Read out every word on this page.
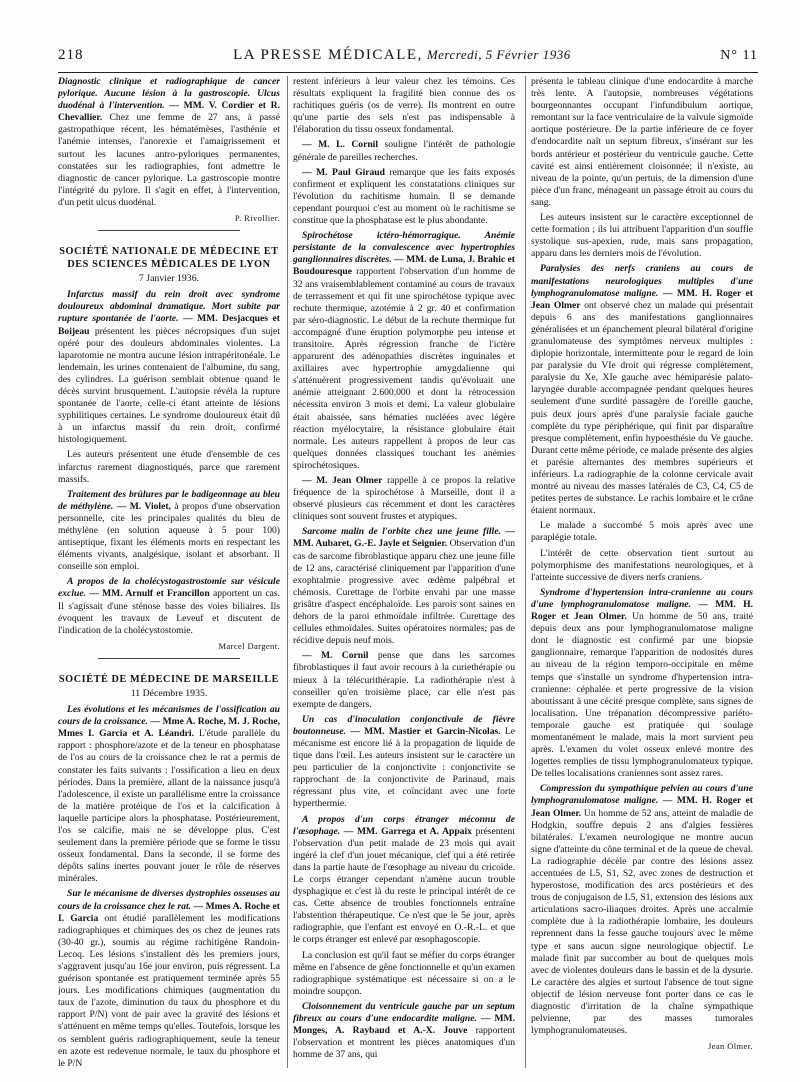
218	LA PRESSE MÉDICALE, Mercredi, 5 Février 1936	N° 11

Diagnostic clinique et radiographique de cancer pylorique. Aucune lésion à la gastroscopie. Ulcus duodénal à l'intervention. — MM. V. Cordier et R. Chevallier. Chez une femme de 27 ans, à passé gastropathique récent, les hématémèses, l'asthénie et l'anémie intenses, l'anorexie et l'amaigrissement et surtout les lacunes antro-pyloriques permanentes, constatées sur les radiographies, font admettre le diagnostic de cancer pylorique. La gastroscopie montre l'intégrité du pylore. Il s'agit en effet, à l'intervention, d'un petit ulcus duodénal.

P. Rivollier.
SOCIÉTÉ NATIONALE DE MÉDECINE ET DES SCIENCES MÉDICALES DE LYON
7 Janvier 1936.

Infarctus massif du rein droit avec syndrome douloureux abdominal dramatique. Mort subite par rupture spontanée de l'aorte. — MM. Desjacques et Boijeau présentent les pièces nécropsiques d'un sujet opéré pour des douleurs abdominales violentes. La laparotomie ne montra aucune lésion intrapéritonéale. Le lendemain, les urines contenaient de l'albumine, du sang, des cylindres. La guérison semblait obtenue quand le décès survint brusquement. L'autopsie révéla la rupture spontanée de l'aorte, celle-ci étant atteinte de lésions syphilitiques certaines. Le syndrome douloureux était dû à un infarctus massif du rein droit, confirmé histologiquement.

Les auteurs présentent une étude d'ensemble de ces infarctus rarement diagnostiqués, parce que rarement massifs.

Traitement des brûlures par le badigeonnage au bleu de méthylène. — M. Violet, à propos d'une observation personnelle, cite les principales qualités du bleu de méthylène (en solution aqueuse à 5 pour 100) antiseptique, fixant les éléments morts en respectant les éléments vivants, analgésique, isolant et absorbant. Il conseille son emploi.

A propos de la cholécystogastrostomie sur vésicule exclue. — MM. Arnulf et Francillon apportent un cas. Il s'agissait d'une sténose basse des voies biliaires. Ils évoquent les travaux de Leveuf et discutent de l'indication de la cholécystostomie.

Marcel Dargent.
SOCIÉTÉ DE MÉDECINE DE MARSEILLE
11 Décembre 1935.

Les évolutions et les mécanismes de l'ossification au cours de la croissance. — Mme A. Roche, M. J. Roche, Mmes I. Garcia et A. Léandri. L'étude parallèle du rapport : phosphore/azote et de la teneur en phosphatase de l'os au cours de la croissance chez le rat a permis de constater les faits suivants : l'ossification a lieu en deux périodes. Dans la première, allant de la naissance jusqu'à l'adolescence, il existe un parallélisme entre la croissance de la matière protéique de l'os et la calcification à laquelle participe alors la phosphatase. Postérieurement, l'os se calcifie, mais ne se développe plus. C'est seulement dans la première période que se forme le tissu osseux fondamental. Dans la seconde, il se forme des dépôts salins inertes pouvant jouer le rôle de réserves minérales.

Sur le mécanisme de diverses dystrophies osseuses au cours de la croissance chez le rat. — Mmes A. Roche et I. Garcia ont étudié parallèlement les modifications radiographiques et chimiques des os chez de jeunes rats (30-40 gr.), soumis au régime rachitigène Randoin-Lecoq. Les lésions s'installent dès les premiers jours, s'aggravent jusqu'au 16e jour environ, puis régressent. La guérison spontanée est pratiquement terminée après 55 jours. Les modifications chimiques (augmentation du taux de l'azote, diminution du taux du phosphore et du rapport P/N) vont de pair avec la gravité des lésions et s'atténuent en même temps qu'elles. Toutefois, lorsque les os semblent guéris radiographiquement, seule la teneur en azote est redevenue normale, le taux du phosphore et le P/N

restent inférieurs à leur valeur chez les témoins. Ces résultats expliquent la fragilité bien connue des os rachitiques guéris (os de verre). Ils montrent en outre qu'une partie des sels n'est pas indispensable à l'élaboration du tissu osseux fondamental.

— M. L. Cornil souligne l'intérêt de pathologie générale de pareilles recherches.

— M. Paul Giraud remarque que les faits exposés confirment et expliquent les constatations cliniques sur l'évolution du rachitisme humain. Il se demande cependant pourquoi c'est au moment où le rachitisme se constitue que la phosphatase est le plus abondante.

Spirochétose ictéro-hémorragique. Anémie persistante de la convalescence avec hypertrophies ganglionnaires discrètes. — MM. de Luna, J. Brahic et Boudouresque rapportent l'observation d'un homme de 32 ans vraisemblablement contaminé au cours de travaux de terrassement et qui fit une spirochétose typique avec rechute thermique, azotémie à 2 gr. 40 et confirmation par séro-diagnostic. Le début de la rechute thermique fut accompagné d'une éruption polymorphe peu intense et transitoire. Après régression franche de l'ictère apparurent des adénopathies discrètes inguinales et axillaires avec hypertrophie amygdalienne qui s'atténuèrent progressivement tandis qu'évoluait une anémie atteignant 2.600.000 et dont la rétrocession nécessita environ 3 mois et demi. La valeur globulaire était abaissée, sans hématies nucléées avec légère réaction myélocytaire, la résistance globulaire était normale. Les auteurs rappellent à propos de leur cas quelques données classiques touchant les anémies spirochétosiques.

— M. Jean Olmer rappelle à ce propos la relative fréquence de la spirochétose à Marseille, dont il a observé plusieurs cas récemment et dont les caractères cliniques sont souvent frustes et atypiques.

Sarcome malin de l'orbite chez une jeune fille. — MM. Aubaret, G.-E. Jayle et Seignier. Observation d'un cas de sarcome fibroblastique apparu chez une jeune fille de 12 ans, caractérisé cliniquement par l'apparition d'une exophtalmie progressive avec œdème palpébral et chémosis. Curettage de l'orbite envahi par une masse grisâtre d'aspect encéphaloïde. Les parois sont saines en dehors de la paroi ethmoïdale infiltrée. Curettage des cellules ethmoïdales. Suites opératoires normales; pas de récidive depuis neuf mois.

— M. Cornil pense que dans les sarcomes fibroblastiques il faut avoir recours à la curiethérapie ou mieux à la télécurithérapie. La radiothérapie n'est à conseiller qu'en troisième place, car elle n'est pas exempte de dangers.

Un cas d'inoculation conjonctivale de fièvre boutonneuse. — MM. Mastier et Garcin-Nicolas. Le mécanisme est encore lié à la propagation de liquide de tique dans l'œil. Les auteurs insistent sur le caractère un peu particulier de la conjonctivite : conjonctivite se rapprochant de la conjonctivite de Parinaud, mais régressant plus vite, et coïncidant avec une forte hyperthermie.

A propos d'un corps étranger méconnu de l'œsophage. — MM. Garrega et A. Appaix présentent l'observation d'un petit malade de 23 mois qui avait ingéré la clef d'un jouet mécanique, clef qui a été retirée dans la partie haute de l'œsophage au niveau du cricoïde. Le corps étranger cependant n'amène aucun trouble dysphagique et c'est là du reste le principal intérêt de ce cas. Cette absence de troubles fonctionnels entraîne l'abstention thérapeutique. Ce n'est que le 5e jour, après radiographie, que l'enfant est envoyé en O.-R.-L. et que le corps étranger est enlevé par œsophagoscopie.

La conclusion est qu'il faut se méfier du corps étranger même en l'absence de gêne fonctionnelle et qu'un examen radiographique systématique est nécessaire si on a le moindre soupçon.

Cloisonnement du ventricule gauche par un septum fibreux au cours d'une endocardite maligne. — MM. Monges, A. Raybaud et A.-X. Jouve rapportent l'observation et montrent les pièces anatomiques d'un homme de 37 ans, qui

présenta le tableau clinique d'une endocardite à marche très lente. A l'autopsie, nombreuses végétations bourgeonnantes occupant l'infundibulum aortique, remontant sur la face ventriculaire de la valvule sigmoïde aortique postérieure. De la partie inférieure de ce foyer d'endocardite naît un septum fibreux, s'insérant sur les bords antérieur et postérieur du ventricule gauche. Cette cavité est ainsi entièrement cloisonnée; il n'existe, au niveau de la pointe, qu'un pertuis, de la dimension d'une pièce d'un franc, ménageant un passage étroit au cours du sang.

Les auteurs insistent sur le caractère exceptionnel de cette formation ; ils lui attribuent l'apparition d'un souffle systolique sus-apexien, rude, mais sans propagation, apparu dans les derniers mois de l'évolution.

Paralysies des nerfs craniens au cours de manifestations neurologiques multiples d'une lymphogranulomatose maligne. — MM. H. Roger et Jean Olmer ont observé chez un malade qui présentait depuis 6 ans des manifestations ganglionnaires généralisées et un épanchement pleural bilatéral d'origine granulomateuse des symptômes nerveux multiples : diplopie horizontale, intermittente pour le regard de loin par paralysie du VIe droit qui régresse complètement, paralysie du Xe, XIe gauche avec hémiparésie palato-laryngée durable accompagnée pendant quelques heures seulement d'une surdité passagère de l'oreille gauche, puis deux jours après d'une paralysie faciale gauche complète du type périphérique, qui finit par disparaître presque complètement, enfin hypoesthésie du Ve gauche. Durant cette même période, ce malade présente des algies et parésie alternantes des membres supérieurs et inférieurs. La radiographie de la colonne cervicale avait montré au niveau des masses latérales de C3, C4, C5 de petites pertes de substance. Le rachis lombaire et le crâne étaient normaux.

Le malade a succombé 5 mois après avec une paraplégie totale.

L'intérêt de cette observation tient surtout au polymorphisme des manifestations neurologiques, et à l'atteinte successive de divers nerfs craniens.

Syndrome d'hypertension intra-cranienne au cours d'une lymphogranulomatose maligne. — MM. H. Roger et Jean Olmer. Un homme de 50 ans, traité depuis deux ans pour lymphogranulomatose maligne dont le diagnostic est confirmé par une biopsie ganglionnaire, remarque l'apparition de nodosités dures au niveau de la région temporo-occipitale en même temps que s'installe un syndrome d'hypertension intra-cranienne: céphalée et perte progressive de la vision aboutissant à une cécité presque complète, sans signes de localisation. Une trépanation décompressive pariéto-temporale gauche est pratiquée qui soulage momentanément le malade, mais la mort survient peu après. L'examen du volet osseux enlevé montre des logettes remplies de tissu lymphogranulomateux typique. De telles localisations craniennes sont assez rares.

Compression du sympathique pelvien au cours d'une lymphogranulomatose maligne. — MM. H. Roger et Jean Olmer. Un homme de 52 ans, atteint de maladie de Hodgkin, souffre depuis 2 ans d'algies fessières bilatérales. L'examen neurologique ne montre aucun signe d'atteinte du cône terminal et de la queue de cheval. La radiographie décèle par contre des lésions assez accentuées de L5, S1, S2, avec zones de destruction et hyperostose, modification des arcs postérieurs et des trous de conjugaison de L5, S1, extension des lésions aux articulations sacro-iliaques droites. Après une accalmie complète due à la radiothérapie lombaire, les douleurs reprennent dans la fesse gauche toujours avec le même type et sans aucun signe neurologique objectif. Le malade finit par succomber au bout de quelques mois avec de violentes douleurs dans le bassin et de la dysurie. Le caractère des algies et surtout l'absence de tout signe objectif de lésion nerveuse font porter dans ce cas le diagnostic d'irritation de la chaîne sympathique pelvienne, par des masses tumorales lymphogranulomateuses.

Jean Olmer.
